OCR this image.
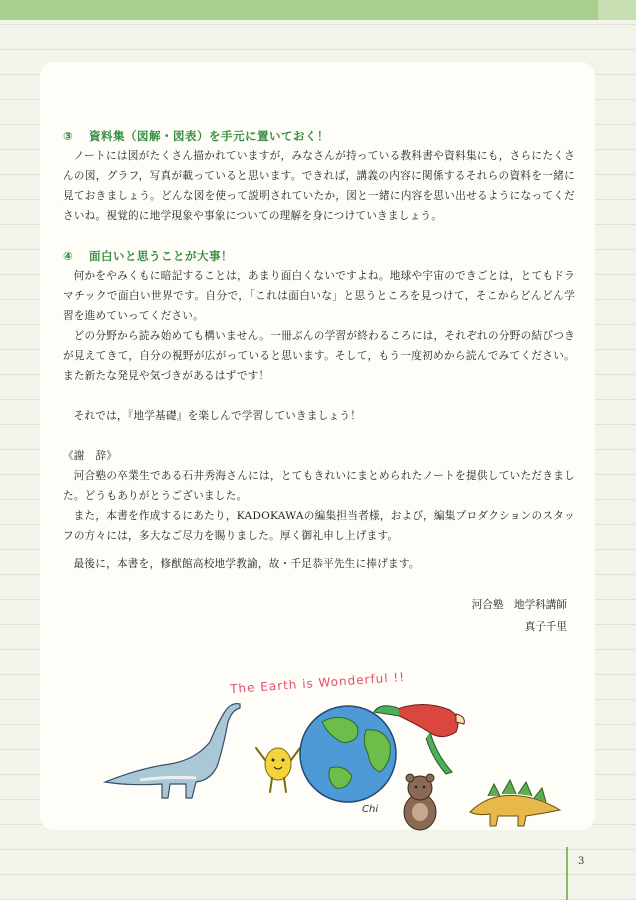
③ 資料集（図解・図表）を手元に置いておく！

ノートには図がたくさん描かれていますが，みなさんが持っている教科書や資料集にも，さらにたくさんの図，グラフ，写真が載っていると思います。できれば，講義の内容に関係するそれらの資料を一緒に見ておきましょう。どんな図を使って説明されていたか，図と一緒に内容を思い出せるようになってくださいね。視覚的に地学現象や事象についての理解を身につけていきましょう。

④ 面白いと思うことが大事！

何かをやみくもに暗記することは，あまり面白くないですよね。地球や宇宙のできごとは，とてもドラマチックで面白い世界です。自分で，「これは面白いな」と思うところを見つけて，そこからどんどん学習を進めていってください。

どの分野から読み始めても構いません。一冊ぶんの学習が終わるころには，それぞれの分野の結びつきが見えてきて，自分の視野が広がっていると思います。そして，もう一度初めから読んでみてください。また新たな発見や気づきがあるはずです！

それでは，『地学基礎』を楽しんで学習していきましょう！

《謝　辞》

河合塾の卒業生である石井秀海さんには，とてもきれいにまとめられたノートを提供していただきました。どうもありがとうございました。

また，本書を作成するにあたり，KADOKAWAの編集担当者様，および，編集プロダクションのスタッフの方々には，多大なご尽力を賜りました。厚く御礼申し上げます。

最後に，本書を，修猷館高校地学教諭，故・千足恭平先生に捧げます。

河合塾　地学科講師
真子千里
The Earth is Wonderful !!
Chi
3
